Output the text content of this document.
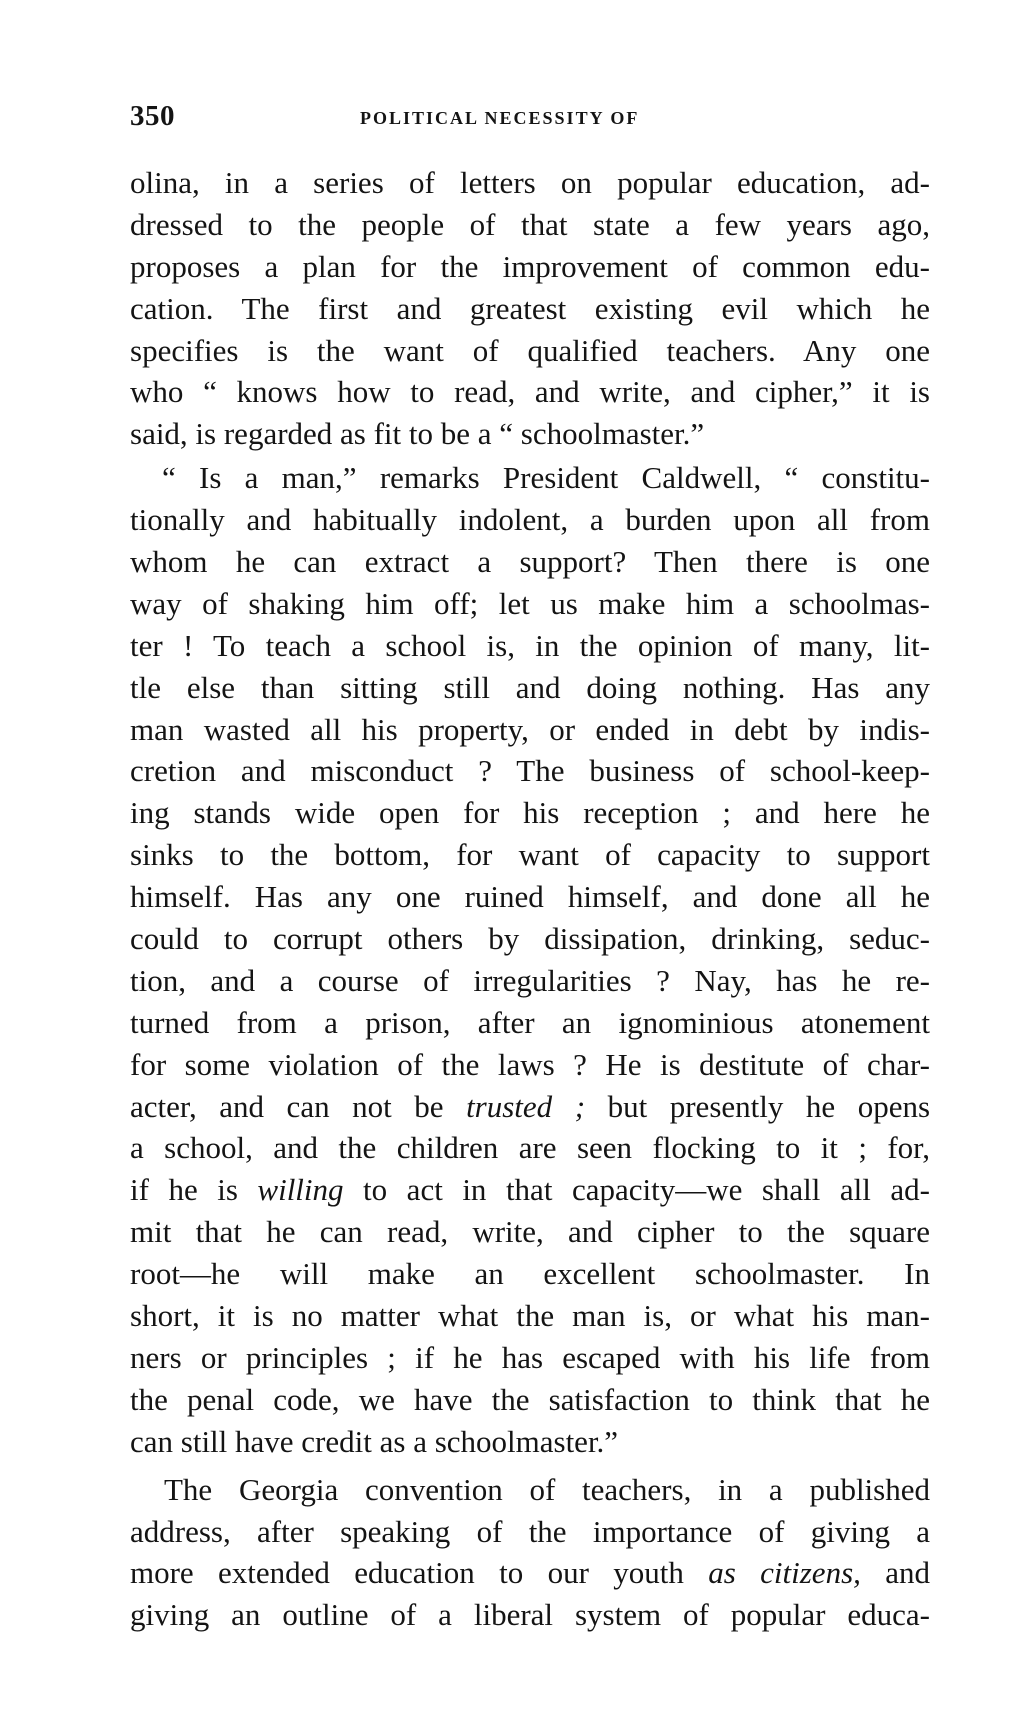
350	POLITICAL NECESSITY OF
olina, in a series of letters on popular education, ad-
dressed to the people of that state a few years ago,
proposes a plan for the improvement of common edu-
cation. The first and greatest existing evil which he
specifies is the want of qualified teachers. Any one
who “ knows how to read, and write, and cipher,” it is
said, is regarded as fit to be a “ schoolmaster.”
“ Is a man,” remarks President Caldwell, “ constitu-
tionally and habitually indolent, a burden upon all from
whom he can extract a support? Then there is one
way of shaking him off; let us make him a schoolmas-
ter ! To teach a school is, in the opinion of many, lit-
tle else than sitting still and doing nothing. Has any
man wasted all his property, or ended in debt by indis-
cretion and misconduct ? The business of school-keep-
ing stands wide open for his reception ; and here he
sinks to the bottom, for want of capacity to support
himself. Has any one ruined himself, and done all he
could to corrupt others by dissipation, drinking, seduc-
tion, and a course of irregularities ? Nay, has he re-
turned from a prison, after an ignominious atonement
for some violation of the laws ? He is destitute of char-
acter, and can not be trusted ; but presently he opens
a school, and the children are seen flocking to it ; for,
if he is willing to act in that capacity—we shall all ad-
mit that he can read, write, and cipher to the square
root—he will make an excellent schoolmaster. In
short, it is no matter what the man is, or what his man-
ners or principles ; if he has escaped with his life from
the penal code, we have the satisfaction to think that he
can still have credit as a schoolmaster.”
The Georgia convention of teachers, in a published
address, after speaking of the importance of giving a
more extended education to our youth as citizens, and
giving an outline of a liberal system of popular educa-
